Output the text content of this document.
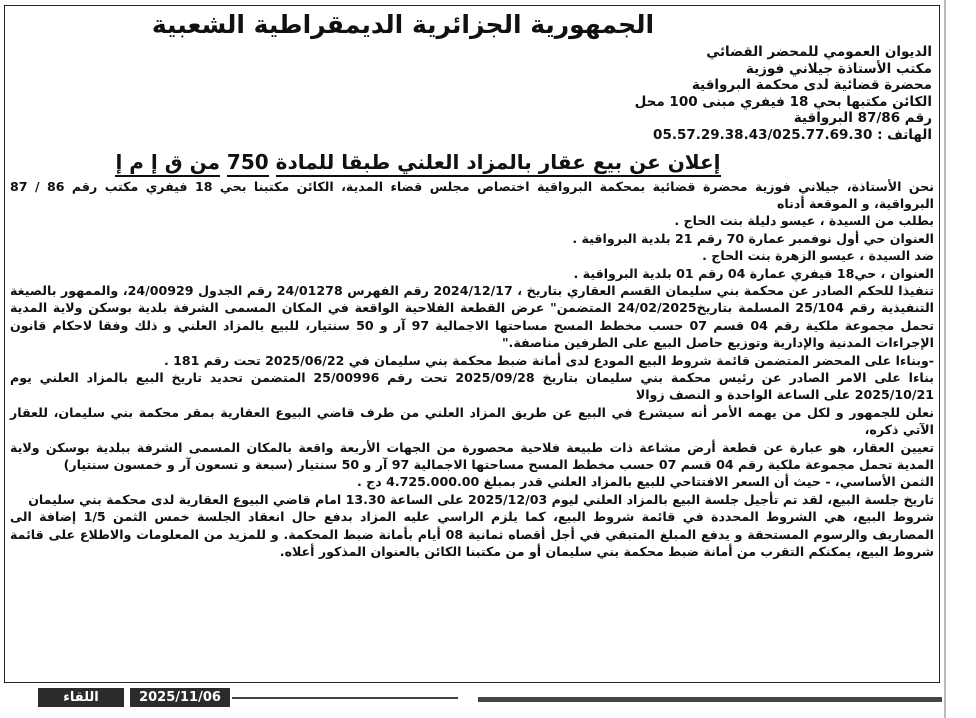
الجمهورية الجزائرية الديمقراطية الشعبية
الديوان العمومي للمحضر القضائي
مكتب الأستاذة جيلاني فوزية
محضرة قضائية لدى محكمة البرواقية
الكائن مكتبها بحي 18 فيفري مبنى 100 محل
رقم 87/86 البرواقية
الهاتف : 05.57.29.38.43/025.77.69.30
إعلان عن بيع عقار بالمزاد العلني طبقا للمادة 750 من ق إ م إ

نحن الأستاذة، جيلاني فوزية محضرة قضائية بمحكمة البرواقية اختصاص مجلس قضاء المدية، الكائن مكتبنا بحي 18 فيفري مكتب رقم 86 / 87 البرواقية، و الموقعة أدناه

بطلب من السيدة ، عيسو دليلة بنت الحاج .

العنوان حي أول نوفمبر عمارة 70 رقم 21 بلدية البرواقية .

ضد السيدة ، عيسو الزهرة بنت الحاج .

العنوان ، حي18 فيفري عمارة 04 رقم 01 بلدية البرواقية .

تنفيذا للحكم الصادر عن محكمة بني سليمان القسم العقاري بتاريخ ، 2024/12/17 رقم الفهرس 24/01278 رقم الجدول 24/00929، والممهور بالصيغة التنفيذية رقم 25/104 المسلمة بتاريخ24/02/2025 المتضمن" عرض القطعة الفلاحية الواقعة في المكان المسمى الشرفة بلدية بوسكن ولاية المدية تحمل مجموعة ملكية رقم 04 قسم 07 حسب مخطط المسح مساحتها الاجمالية 97 آر و 50 سنتيار، للبيع بالمزاد العلني و ذلك وفقا لاحكام قانون الإجراءات المدنية والإدارية وتوزيع حاصل البيع على الطرفين مناصفة."

-وبناءا على المحضر المتضمن قائمة شروط البيع المودع لدى أمانة ضبط محكمة بني سليمان في 2025/06/22 تحت رقم 181 .

بناءا على الامر الصادر عن رئيس محكمة بني سليمان بتاريخ 2025/09/28 تحت رقم 25/00996 المتضمن تحديد تاريخ البيع بالمزاد العلني يوم 2025/10/21 على الساعة الواحدة و النصف زوالا

نعلن للجمهور و لكل من يهمه الأمر أنه سيشرع في البيع عن طريق المزاد العلني من طرف قاضي البيوع العقارية بمقر محكمة بني سليمان، للعقار الآتي ذكره،

تعيين العقار، هو عبارة عن قطعة أرض مشاعة ذات طبيعة فلاحية محصورة من الجهات الأربعة واقعة بالمكان المسمى الشرفة ببلدية بوسكن ولاية المدية تحمل مجموعة ملكية رقم 04 قسم 07 حسب مخطط المسح مساحتها الاجمالية 97 آر و 50 سنتيار (سبعة و تسعون آر و خمسون سنتيار)

الثمن الأساسي، - حيث أن السعر الافتتاحي للبيع بالمزاد العلني قدر بمبلغ 4.725.000.00 دج .

تاريخ جلسة البيع، لقد تم تأجيل جلسة البيع بالمزاد العلني ليوم 2025/12/03 على الساعة 13.30 امام قاضي البيوع العقارية لدى محكمة بني سليمان

شروط البيع، هي الشروط المحددة في قائمة شروط البيع، كما يلزم الراسي عليه المزاد بدفع حال انعقاد الجلسة خمس الثمن 1/5 إضافة الى المصاريف والرسوم المستحقة و يدفع المبلغ المتبقي في أجل أقصاه ثمانية 08 أيام بأمانة ضبط المحكمة. و للمزيد من المعلومات والاطلاع على قائمة شروط البيع، يمكنكم التقرب من أمانة ضبط محكمة بني سليمان أو من مكتبنا الكائن بالعنوان المذكور أعلاه.

اللقاء	2025/11/06
